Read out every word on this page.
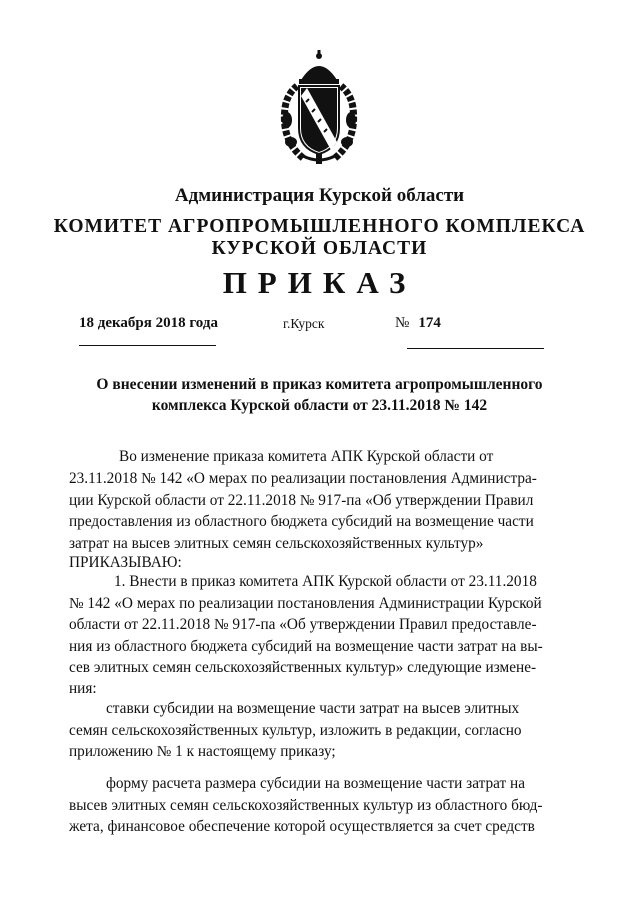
Администрация Курской области
КОМИТЕТ АГРОПРОМЫШЛЕННОГО КОМПЛЕКСА
КУРСКОЙ ОБЛАСТИ
ПРИКАЗ
18 декабря 2018 года	г.Курск	№ 174
О внесении изменений в приказ комитета агропромышленного
комплекса Курской области от 23.11.2018 № 142
Во изменение приказа комитета АПК Курской области от
23.11.2018 № 142 «О мерах по реализации постановления Администра-
ции Курской области от 22.11.2018 № 917-па «Об утверждении Правил
предоставления из областного бюджета субсидий на возмещение части
затрат на высев элитных семян сельскохозяйственных культур»
ПРИКАЗЫВАЮ:
1. Внести в приказ комитета АПК Курской области от 23.11.2018
№ 142 «О мерах по реализации постановления Администрации Курской
области от 22.11.2018 № 917-па «Об утверждении Правил предоставле-
ния из областного бюджета субсидий на возмещение части затрат на вы-
сев элитных семян сельскохозяйственных культур» следующие измене-
ния:
ставки субсидии на возмещение части затрат на высев элитных
семян сельскохозяйственных культур, изложить в редакции, согласно
приложению № 1 к настоящему приказу;
форму расчета размера субсидии на возмещение части затрат на
высев элитных семян сельскохозяйственных культур из областного бюд-
жета, финансовое обеспечение которой осуществляется за счет средств
